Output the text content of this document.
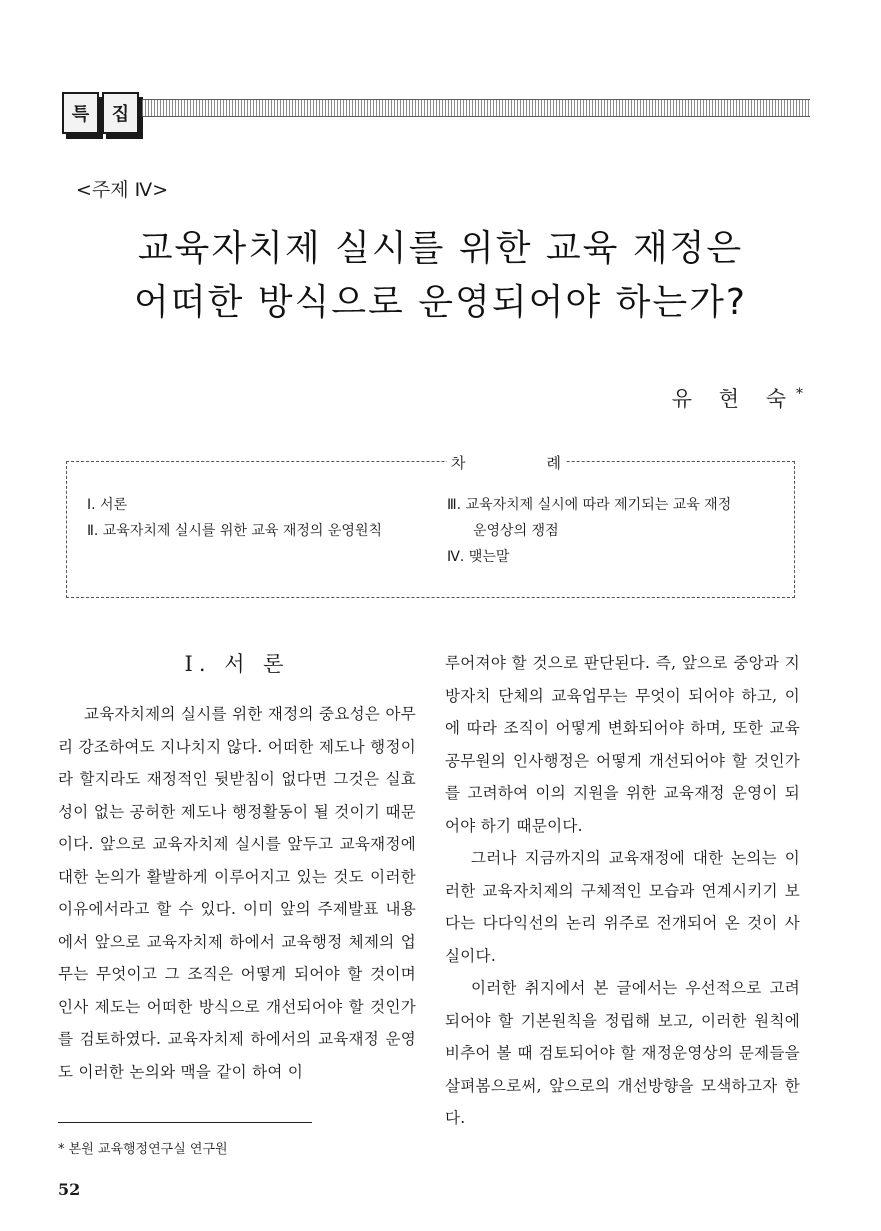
특	집
<주제 Ⅳ>
교육자치제 실시를 위한 교육 재정은
어떠한 방식으로 운영되어야 하는가?
유 현 숙*
차	례
Ⅰ. 서론
Ⅱ. 교육자치제 실시를 위한 교육 재정의 운영원칙
Ⅲ. 교육자치제 실시에 따라 제기되는 교육 재정
운영상의 쟁점
Ⅳ. 맺는말
Ⅰ. 서 론

교육자치제의 실시를 위한 재정의 중요성은 아무리 강조하여도 지나치지 않다. 어떠한 제도나 행정이라 할지라도 재정적인 뒷받침이 없다면 그것은 실효성이 없는 공허한 제도나 행정활동이 될 것이기 때문이다. 앞으로 교육자치제 실시를 앞두고 교육재정에 대한 논의가 활발하게 이루어지고 있는 것도 이러한 이유에서라고 할 수 있다. 이미 앞의 주제발표 내용에서 앞으로 교육자치제 하에서 교육행정 체제의 업무는 무엇이고 그 조직은 어떻게 되어야 할 것이며 인사 제도는 어떠한 방식으로 개선되어야 할 것인가를 검토하였다. 교육자치제 하에서의 교육재정 운영도 이러한 논의와 맥을 같이 하여 이

루어져야 할 것으로 판단된다. 즉, 앞으로 중앙과 지방자치 단체의 교육업무는 무엇이 되어야 하고, 이에 따라 조직이 어떻게 변화되어야 하며, 또한 교육공무원의 인사행정은 어떻게 개선되어야 할 것인가를 고려하여 이의 지원을 위한 교육재정 운영이 되어야 하기 때문이다.

그러나 지금까지의 교육재정에 대한 논의는 이러한 교육자치제의 구체적인 모습과 연계시키기 보다는 다다익선의 논리 위주로 전개되어 온 것이 사실이다.

이러한 취지에서 본 글에서는 우선적으로 고려되어야 할 기본원칙을 정립해 보고, 이러한 원칙에 비추어 볼 때 검토되어야 할 재정운영상의 문제들을 살펴봄으로써, 앞으로의 개선방향을 모색하고자 한다.

* 본원 교육행정연구실 연구원
52
